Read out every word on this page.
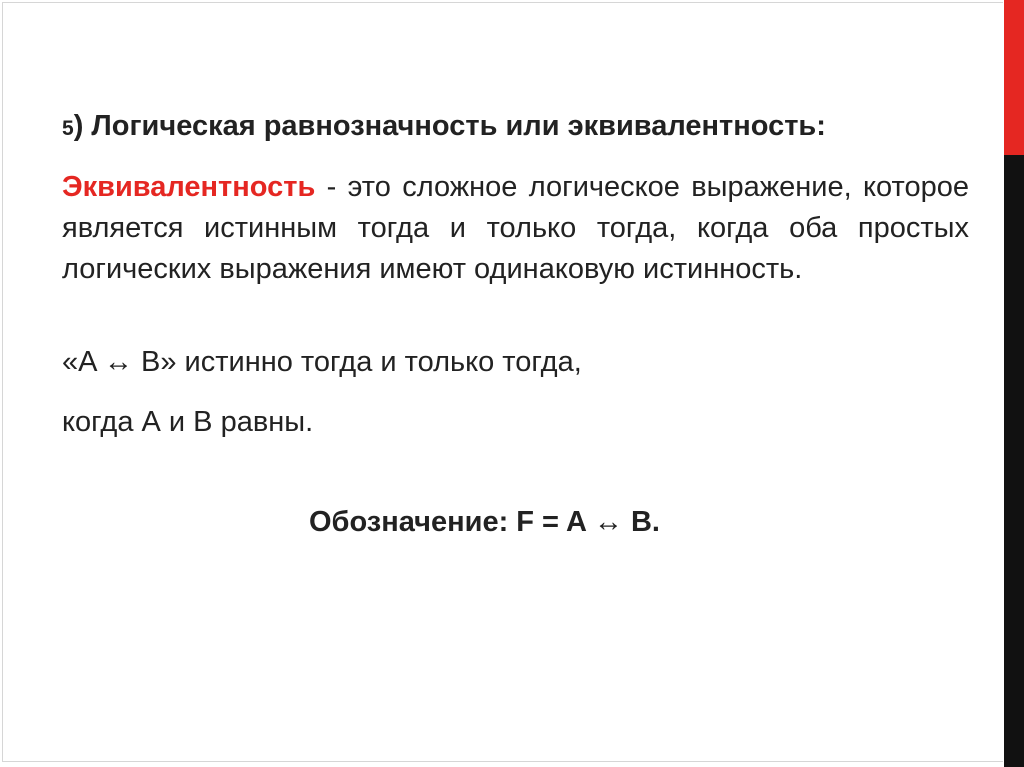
5) Логическая равнозначность или эквивалентность:

Эквивалентность - это сложное логическое выражение, которое является истинным тогда и только тогда, когда оба простых логических выражения имеют одинаковую истинность.

«A ↔ B» истинно тогда и только тогда,

когда А и В равны.

Обозначение: F = A ↔ B.
